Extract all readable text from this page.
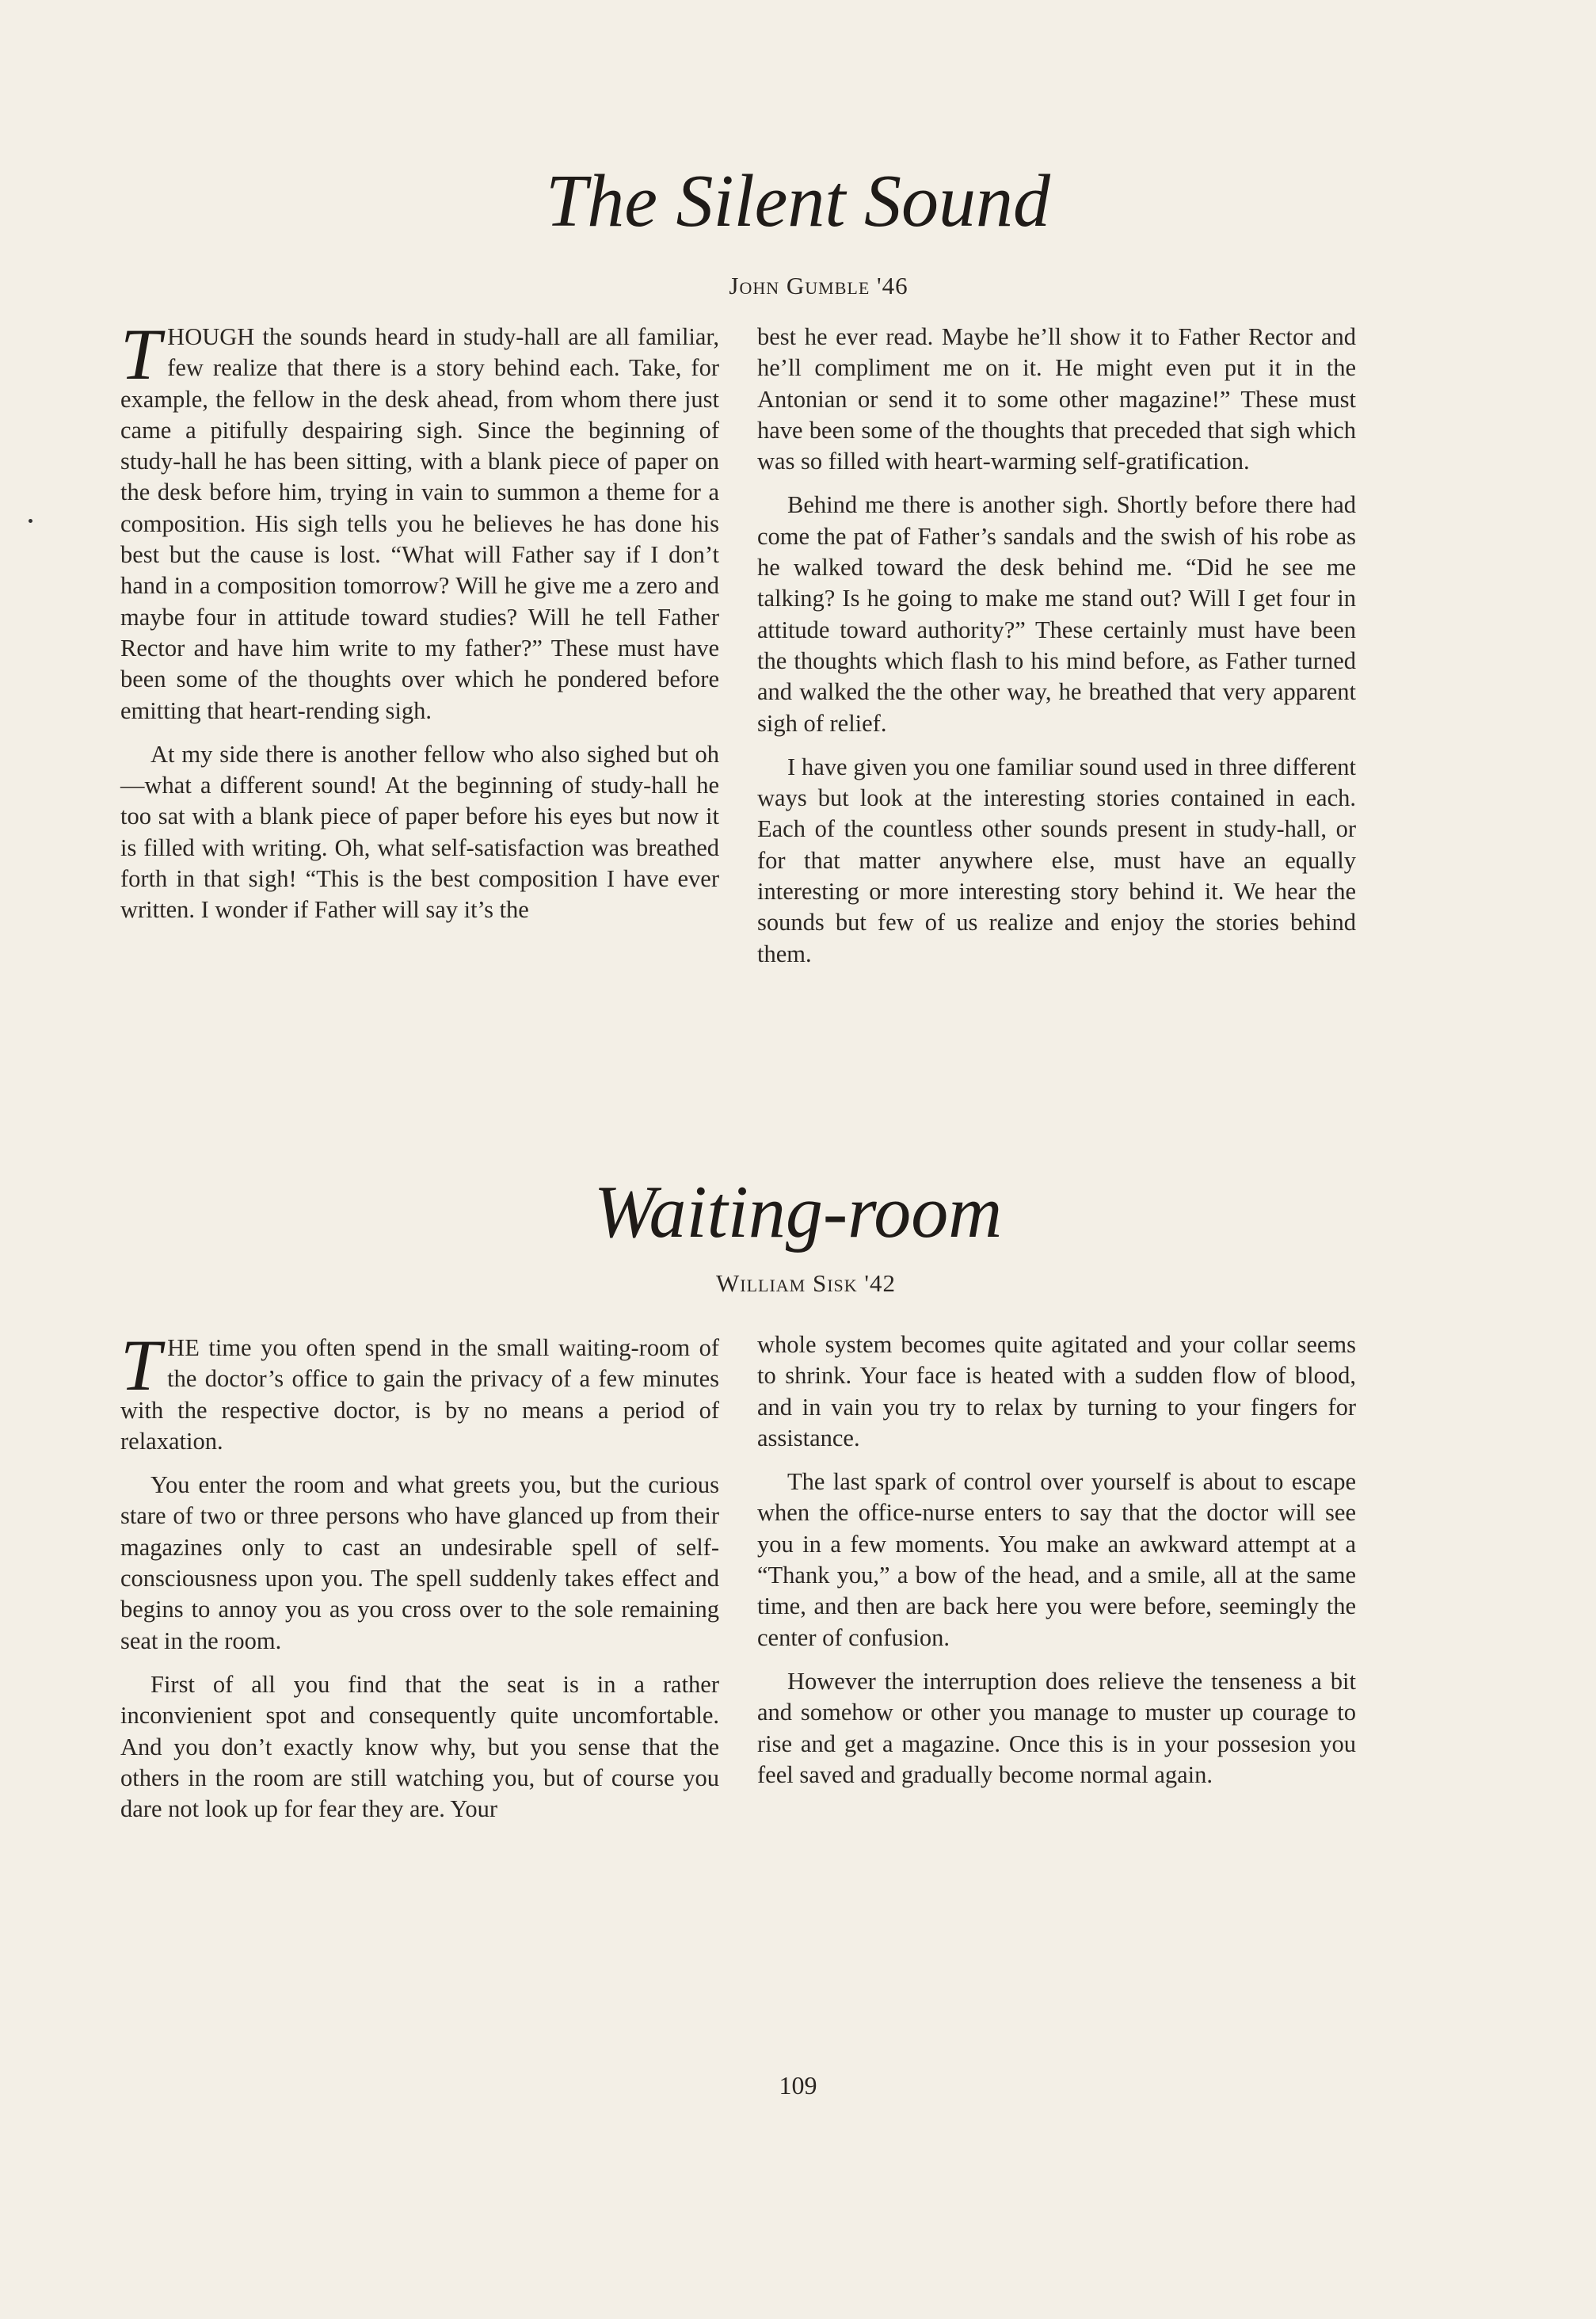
The Silent Sound

John Gumble '46

THOUGH the sounds heard in study-hall are all familiar, few realize that there is a story behind each. Take, for example, the fellow in the desk ahead, from whom there just came a pitifully despairing sigh. Since the beginning of study-hall he has been sitting, with a blank piece of paper on the desk before him, trying in vain to summon a theme for a composition. His sigh tells you he believes he has done his best but the cause is lost. “What will Father say if I don’t hand in a composition tomorrow? Will he give me a zero and maybe four in attitude toward studies? Will he tell Father Rector and have him write to my father?” These must have been some of the thoughts over which he pondered before emitting that heart-rending sigh.

At my side there is another fellow who also sighed but oh—what a different sound! At the beginning of study-hall he too sat with a blank piece of paper before his eyes but now it is filled with writing. Oh, what self-satisfaction was breathed forth in that sigh! “This is the best composition I have ever written. I wonder if Father will say it’s the

best he ever read. Maybe he’ll show it to Father Rector and he’ll compliment me on it. He might even put it in the Antonian or send it to some other magazine!” These must have been some of the thoughts that preceded that sigh which was so filled with heart-warming self-gratification.

Behind me there is another sigh. Shortly before there had come the pat of Father’s sandals and the swish of his robe as he walked toward the desk behind me. “Did he see me talking? Is he going to make me stand out? Will I get four in attitude toward authority?” These certainly must have been the thoughts which flash to his mind before, as Father turned and walked the the other way, he breathed that very apparent sigh of relief.

I have given you one familiar sound used in three different ways but look at the interesting stories contained in each. Each of the countless other sounds present in study-hall, or for that matter anywhere else, must have an equally interesting or more interesting story behind it. We hear the sounds but few of us realize and enjoy the stories behind them.

Waiting-room

William Sisk '42

THE time you often spend in the small waiting-room of the doctor’s office to gain the privacy of a few minutes with the respective doctor, is by no means a period of relaxation.

You enter the room and what greets you, but the curious stare of two or three persons who have glanced up from their magazines only to cast an undesirable spell of self-consciousness upon you. The spell suddenly takes effect and begins to annoy you as you cross over to the sole remaining seat in the room.

First of all you find that the seat is in a rather inconvienient spot and consequently quite uncomfortable. And you don’t exactly know why, but you sense that the others in the room are still watching you, but of course you dare not look up for fear they are. Your

whole system becomes quite agitated and your collar seems to shrink. Your face is heated with a sudden flow of blood, and in vain you try to relax by turning to your fingers for assistance.

The last spark of control over yourself is about to escape when the office-nurse enters to say that the doctor will see you in a few moments. You make an awkward attempt at a “Thank you,” a bow of the head, and a smile, all at the same time, and then are back here you were before, seemingly the center of confusion.

However the interruption does relieve the tenseness a bit and somehow or other you manage to muster up courage to rise and get a magazine. Once this is in your possesion you feel saved and gradually become normal again.

109
